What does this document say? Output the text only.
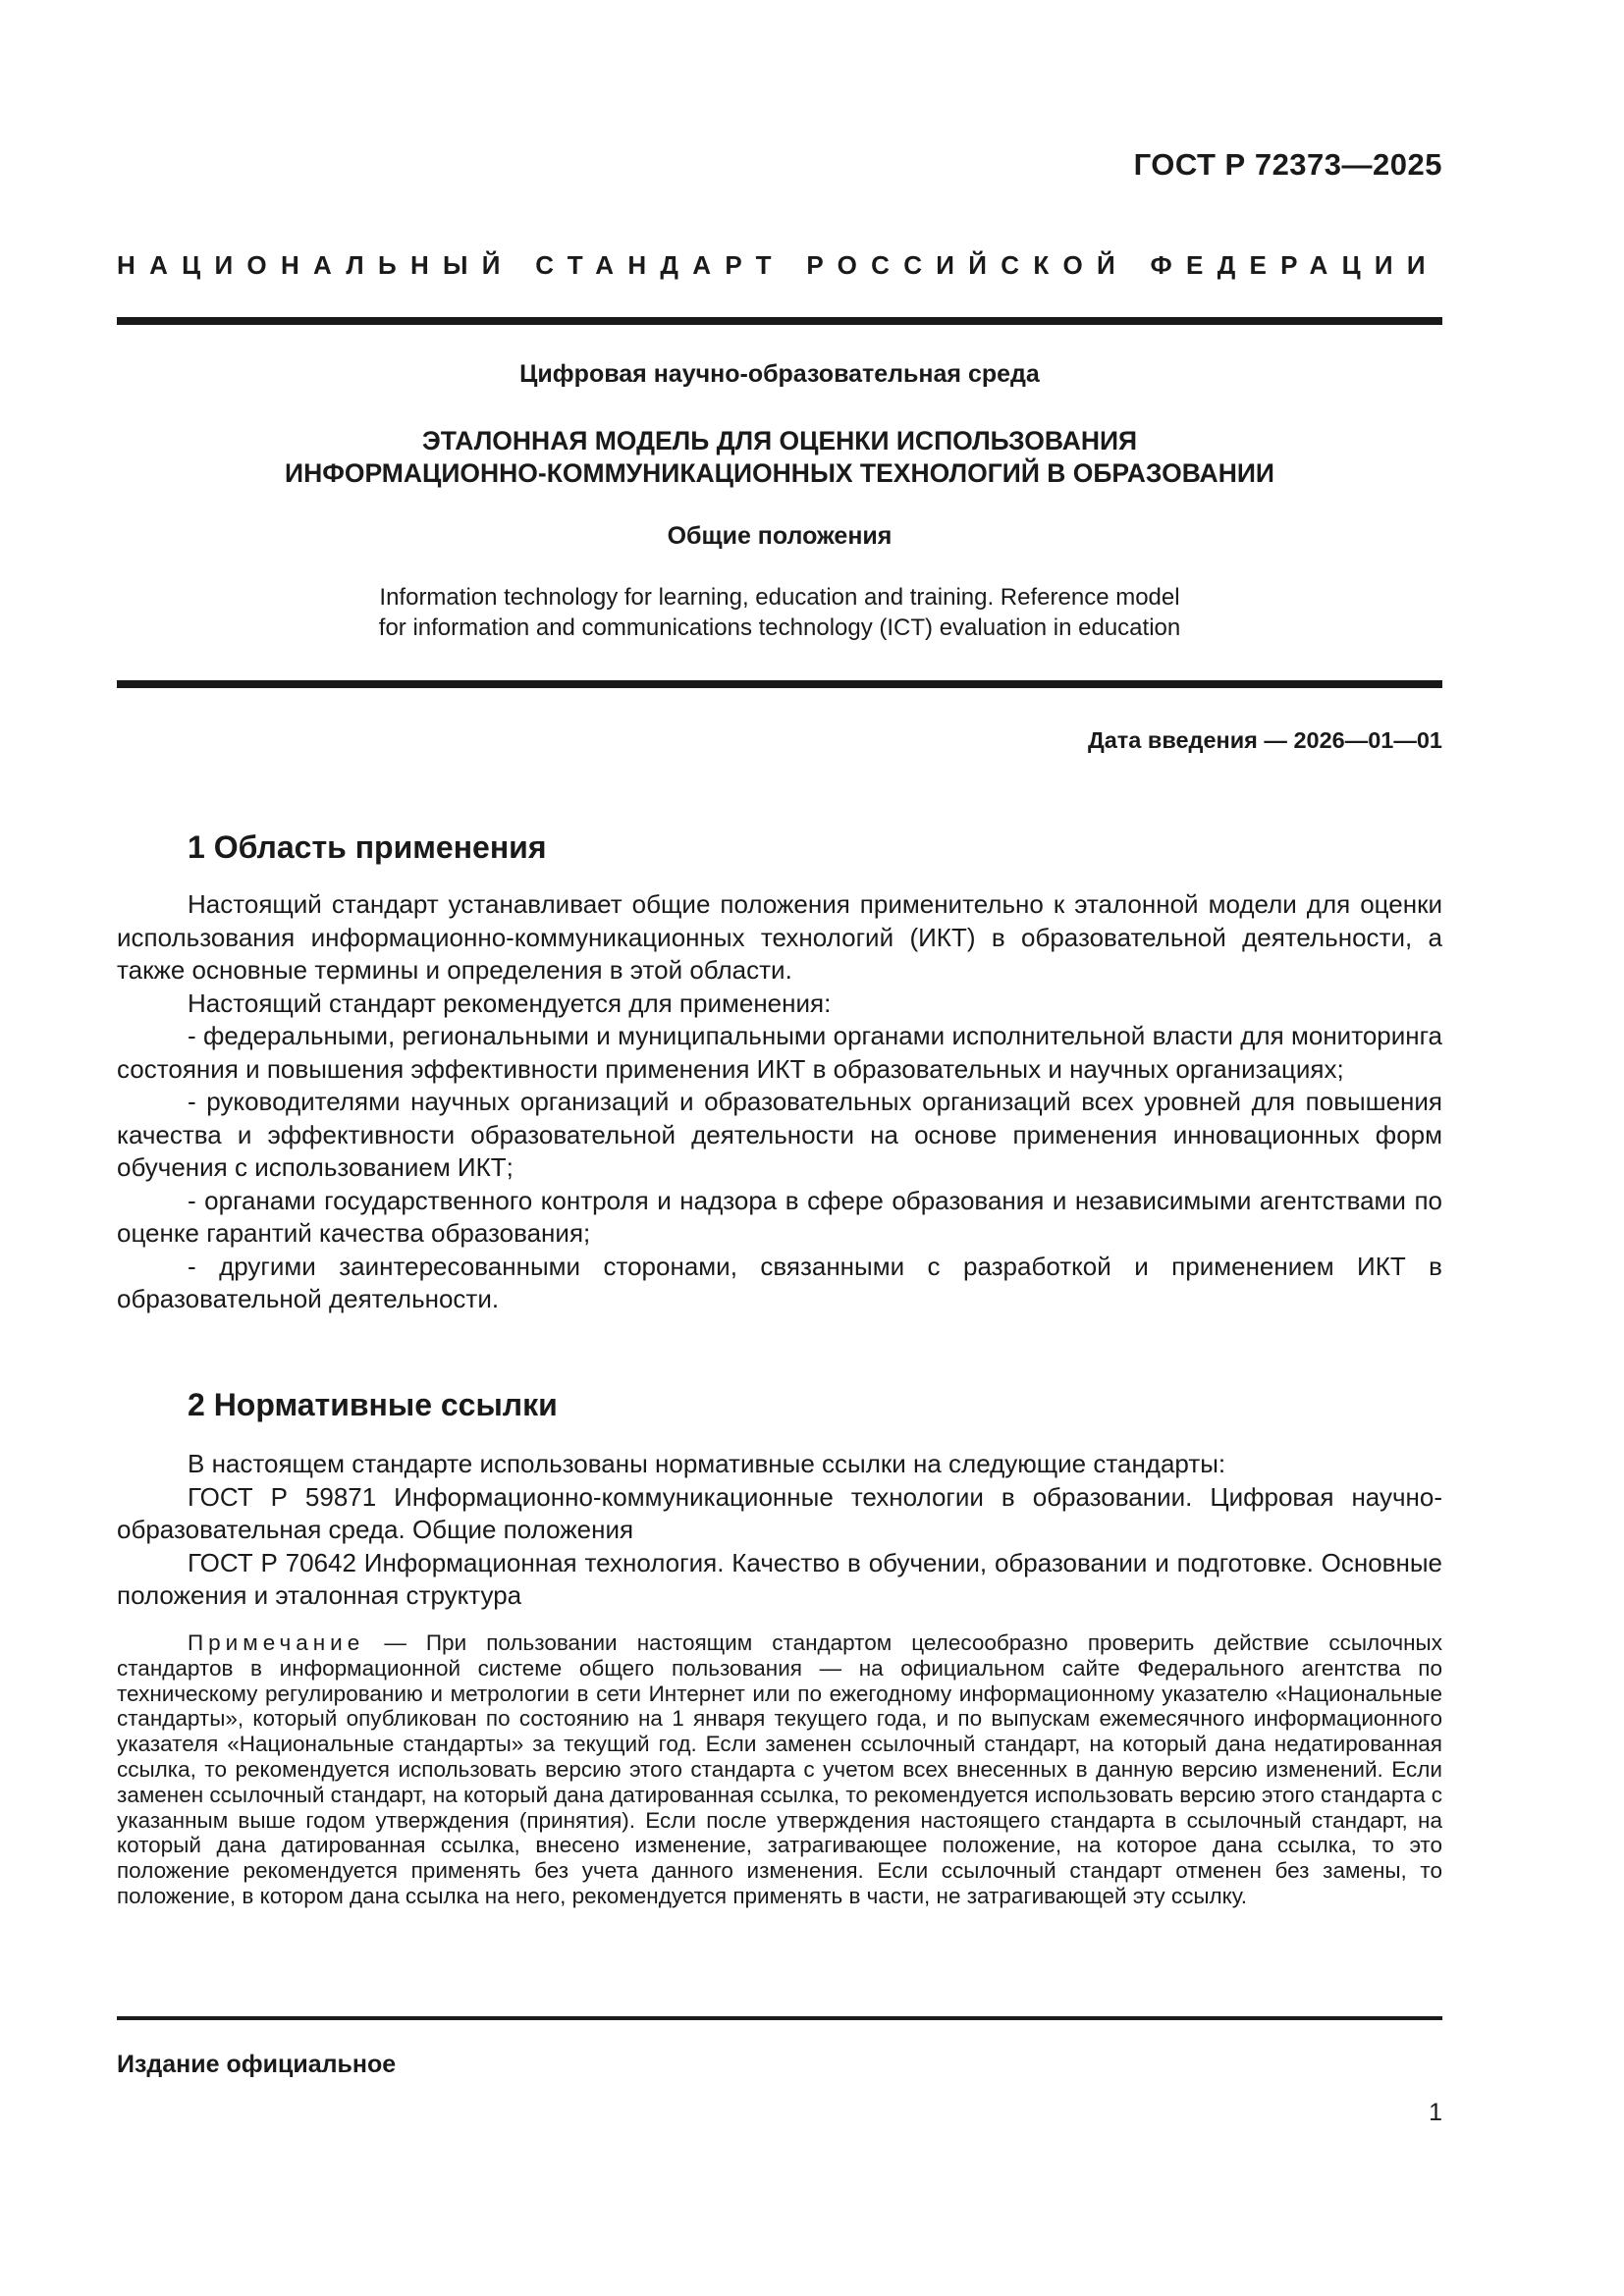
ГОСТ Р 72373—2025
НАЦИОНАЛЬНЫЙ СТАНДАРТ РОССИЙСКОЙ ФЕДЕРАЦИИ
Цифровая научно-образовательная среда
ЭТАЛОННАЯ МОДЕЛЬ ДЛЯ ОЦЕНКИ ИСПОЛЬЗОВАНИЯ
ИНФОРМАЦИОННО-КОММУНИКАЦИОННЫХ ТЕХНОЛОГИЙ В ОБРАЗОВАНИИ
Общие положения
Information technology for learning, education and training. Reference model
for information and communications technology (ICT) evaluation in education
Дата введения — 2026—01—01
1 Область применения

Настоящий стандарт устанавливает общие положения применительно к эталонной модели для оценки использования информационно-коммуникационных технологий (ИКТ) в образовательной деятельности, а также основные термины и определения в этой области.

Настоящий стандарт рекомендуется для применения:

- федеральными, региональными и муниципальными органами исполнительной власти для мониторинга состояния и повышения эффективности применения ИКТ в образовательных и научных организациях;

- руководителями научных организаций и образовательных организаций всех уровней для повышения качества и эффективности образовательной деятельности на основе применения инновационных форм обучения с использованием ИКТ;

- органами государственного контроля и надзора в сфере образования и независимыми агентствами по оценке гарантий качества образования;

- другими заинтересованными сторонами, связанными с разработкой и применением ИКТ в образовательной деятельности.

2 Нормативные ссылки

В настоящем стандарте использованы нормативные ссылки на следующие стандарты:

ГОСТ Р 59871 Информационно-коммуникационные технологии в образовании. Цифровая научно-образовательная среда. Общие положения

ГОСТ Р 70642 Информационная технология. Качество в обучении, образовании и подготовке. Основные положения и эталонная структура

Примечание — При пользовании настоящим стандартом целесообразно проверить действие ссылочных стандартов в информационной системе общего пользования — на официальном сайте Федерального агентства по техническому регулированию и метрологии в сети Интернет или по ежегодному информационному указателю «Национальные стандарты», который опубликован по состоянию на 1 января текущего года, и по выпускам ежемесячного информационного указателя «Национальные стандарты» за текущий год. Если заменен ссылочный стандарт, на который дана недатированная ссылка, то рекомендуется использовать версию этого стандарта с учетом всех внесенных в данную версию изменений. Если заменен ссылочный стандарт, на который дана датированная ссылка, то рекомендуется использовать версию этого стандарта с указанным выше годом утверждения (принятия). Если после утверждения настоящего стандарта в ссылочный стандарт, на который дана датированная ссылка, внесено изменение, затрагивающее положение, на которое дана ссылка, то это положение рекомендуется применять без учета данного изменения. Если ссылочный стандарт отменен без замены, то положение, в котором дана ссылка на него, рекомендуется применять в части, не затрагивающей эту ссылку.

Издание официальное
1
